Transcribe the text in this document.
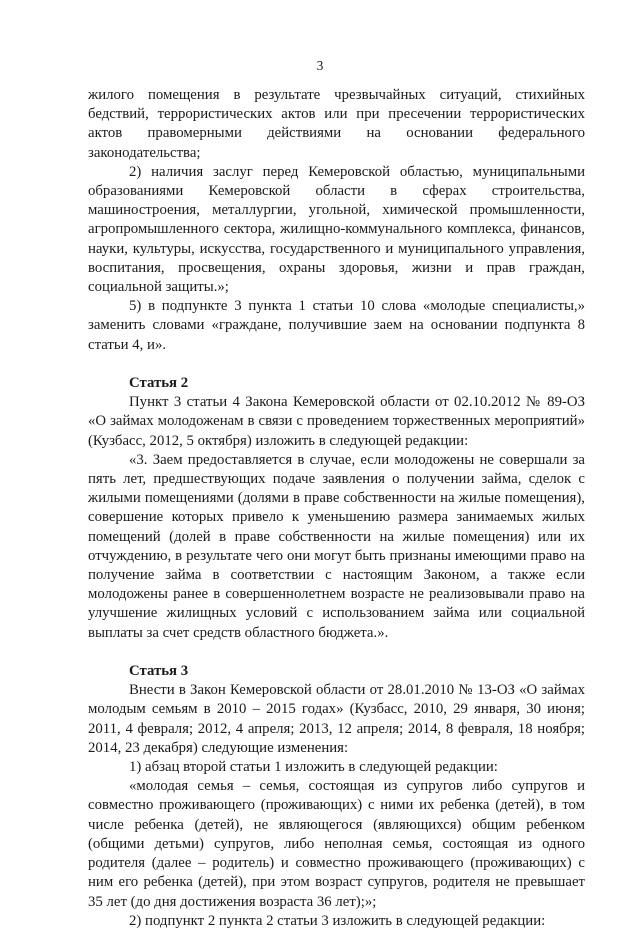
3

жилого помещения в результате чрезвычайных ситуаций, стихийных бедствий, террористических актов или при пресечении террористических актов правомерными действиями на основании федерального законодательства;

2) наличия заслуг перед Кемеровской областью, муниципальными образованиями Кемеровской области в сферах строительства, машиностроения, металлургии, угольной, химической промышленности, агропромышленного сектора, жилищно-коммунального комплекса, финансов, науки, культуры, искусства, государственного и муниципального управления, воспитания, просвещения, охраны здоровья, жизни и прав граждан, социальной защиты.»;

5) в подпункте 3 пункта 1 статьи 10 слова «молодые специалисты,» заменить словами «граждане, получившие заем на основании подпункта 8 статьи 4, и».

Статья 2

Пункт 3 статьи 4 Закона Кемеровской области от 02.10.2012 № 89-ОЗ «О займах молодоженам в связи с проведением торжественных мероприятий» (Кузбасс, 2012, 5 октября) изложить в следующей редакции:

«3. Заем предоставляется в случае, если молодожены не совершали за пять лет, предшествующих подаче заявления о получении займа, сделок с жилыми помещениями (долями в праве собственности на жилые помещения), совершение которых привело к уменьшению размера занимаемых жилых помещений (долей в праве собственности на жилые помещения) или их отчуждению, в результате чего они могут быть признаны имеющими право на получение займа в соответствии с настоящим Законом, а также если молодожены ранее в совершеннолетнем возрасте не реализовывали право на улучшение жилищных условий с использованием займа или социальной выплаты за счет средств областного бюджета.».

Статья 3

Внести в Закон Кемеровской области от 28.01.2010 № 13-ОЗ «О займах молодым семьям в 2010 – 2015 годах» (Кузбасс, 2010, 29 января, 30 июня; 2011, 4 февраля; 2012, 4 апреля; 2013, 12 апреля; 2014, 8 февраля, 18 ноября; 2014, 23 декабря) следующие изменения:

1) абзац второй статьи 1 изложить в следующей редакции:

«молодая семья – семья, состоящая из супругов либо супругов и совместно проживающего (проживающих) с ними их ребенка (детей), в том числе ребенка (детей), не являющегося (являющихся) общим ребенком (общими детьми) супругов, либо неполная семья, состоящая из одного родителя (далее – родитель) и совместно проживающего (проживающих) с ним его ребенка (детей), при этом возраст супругов, родителя не превышает 35 лет (до дня достижения возраста 36 лет);»;

2) подпункт 2 пункта 2 статьи 3 изложить в следующей редакции:
